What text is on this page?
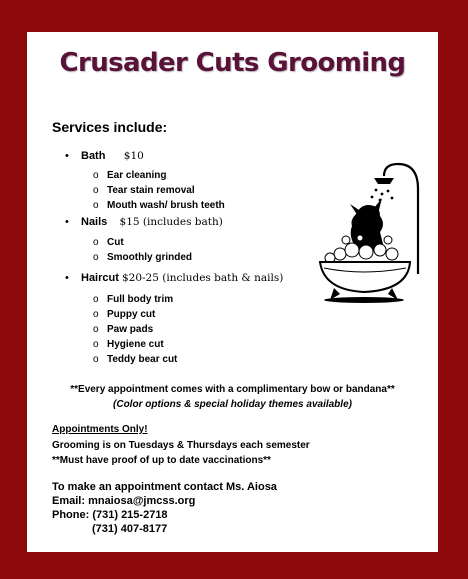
Crusader Cuts Grooming
Services include:
• Bath $10
o Ear cleaning
o Tear stain removal
o Mouth wash/ brush teeth
• Nails $15 (includes bath)
o Cut
o Smoothly grinded
• Haircut $20-25 (includes bath & nails)
o Full body trim
o Puppy cut
o Paw pads
o Hygiene cut
o Teddy bear cut
**Every appointment comes with a complimentary bow or bandana**
(Color options & special holiday themes available)
Appointments Only!
Grooming is on Tuesdays & Thursdays each semester
**Must have proof of up to date vaccinations**
To make an appointment contact Ms. Aiosa
Email: mnaiosa@jmcss.org
Phone: (731) 215-2718
(731) 407-8177
